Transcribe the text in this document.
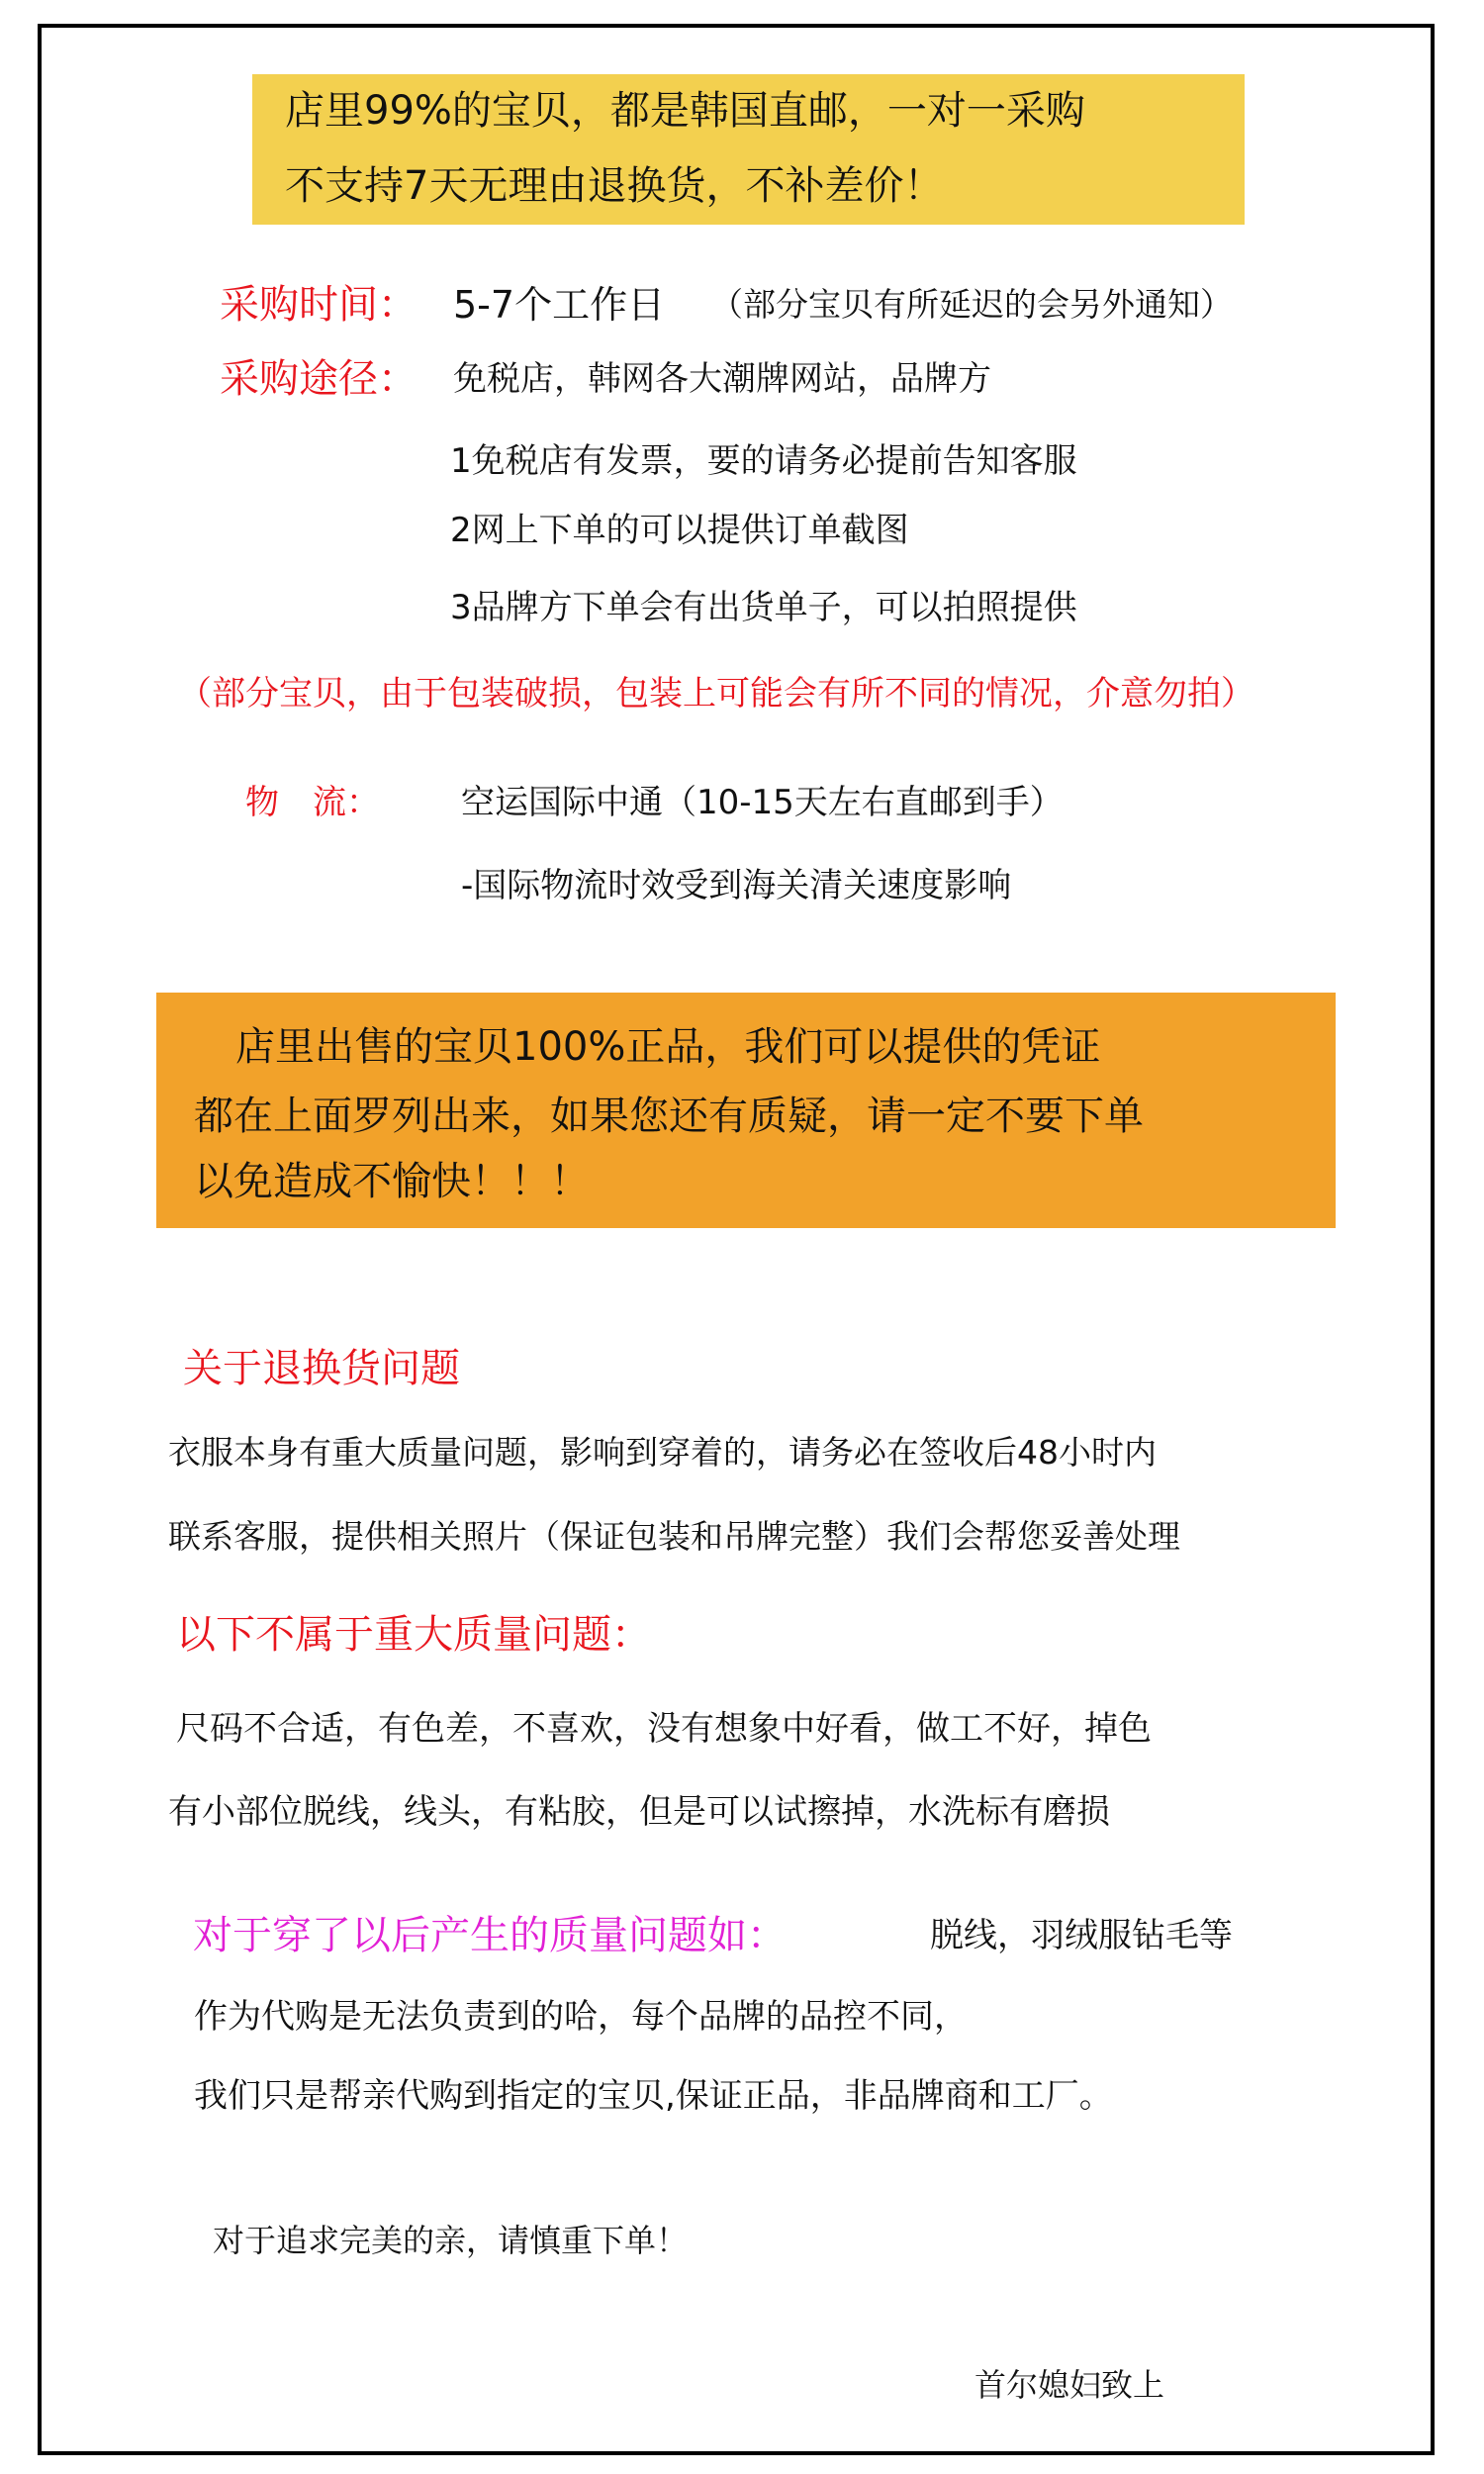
店里99%的宝贝，都是韩国直邮，一对一采购
不支持7天无理由退换货，不补差价！
采购时间： 5-7个工作日 （部分宝贝有所延迟的会另外通知）
采购途径： 免税店，韩网各大潮牌网站，品牌方
1免税店有发票，要的请务必提前告知客服
2网上下单的可以提供订单截图
3品牌方下单会有出货单子，可以拍照提供
（部分宝贝，由于包装破损，包装上可能会有所不同的情况，介意勿拍）
物　流： 空运国际中通（10-15天左右直邮到手）
-国际物流时效受到海关清关速度影响
店里出售的宝贝100%正品，我们可以提供的凭证
都在上面罗列出来，如果您还有质疑，请一定不要下单
以免造成不愉快！！！
关于退换货问题
衣服本身有重大质量问题，影响到穿着的，请务必在签收后48小时内
联系客服，提供相关照片（保证包装和吊牌完整）我们会帮您妥善处理
以下不属于重大质量问题：
尺码不合适，有色差，不喜欢，没有想象中好看，做工不好，掉色
有小部位脱线，线头，有粘胶，但是可以试擦掉，水洗标有磨损
对于穿了以后产生的质量问题如：	脱线，羽绒服钻毛等
作为代购是无法负责到的哈，每个品牌的品控不同，
我们只是帮亲代购到指定的宝贝,保证正品，非品牌商和工厂。
对于追求完美的亲，请慎重下单！
首尔媳妇致上
